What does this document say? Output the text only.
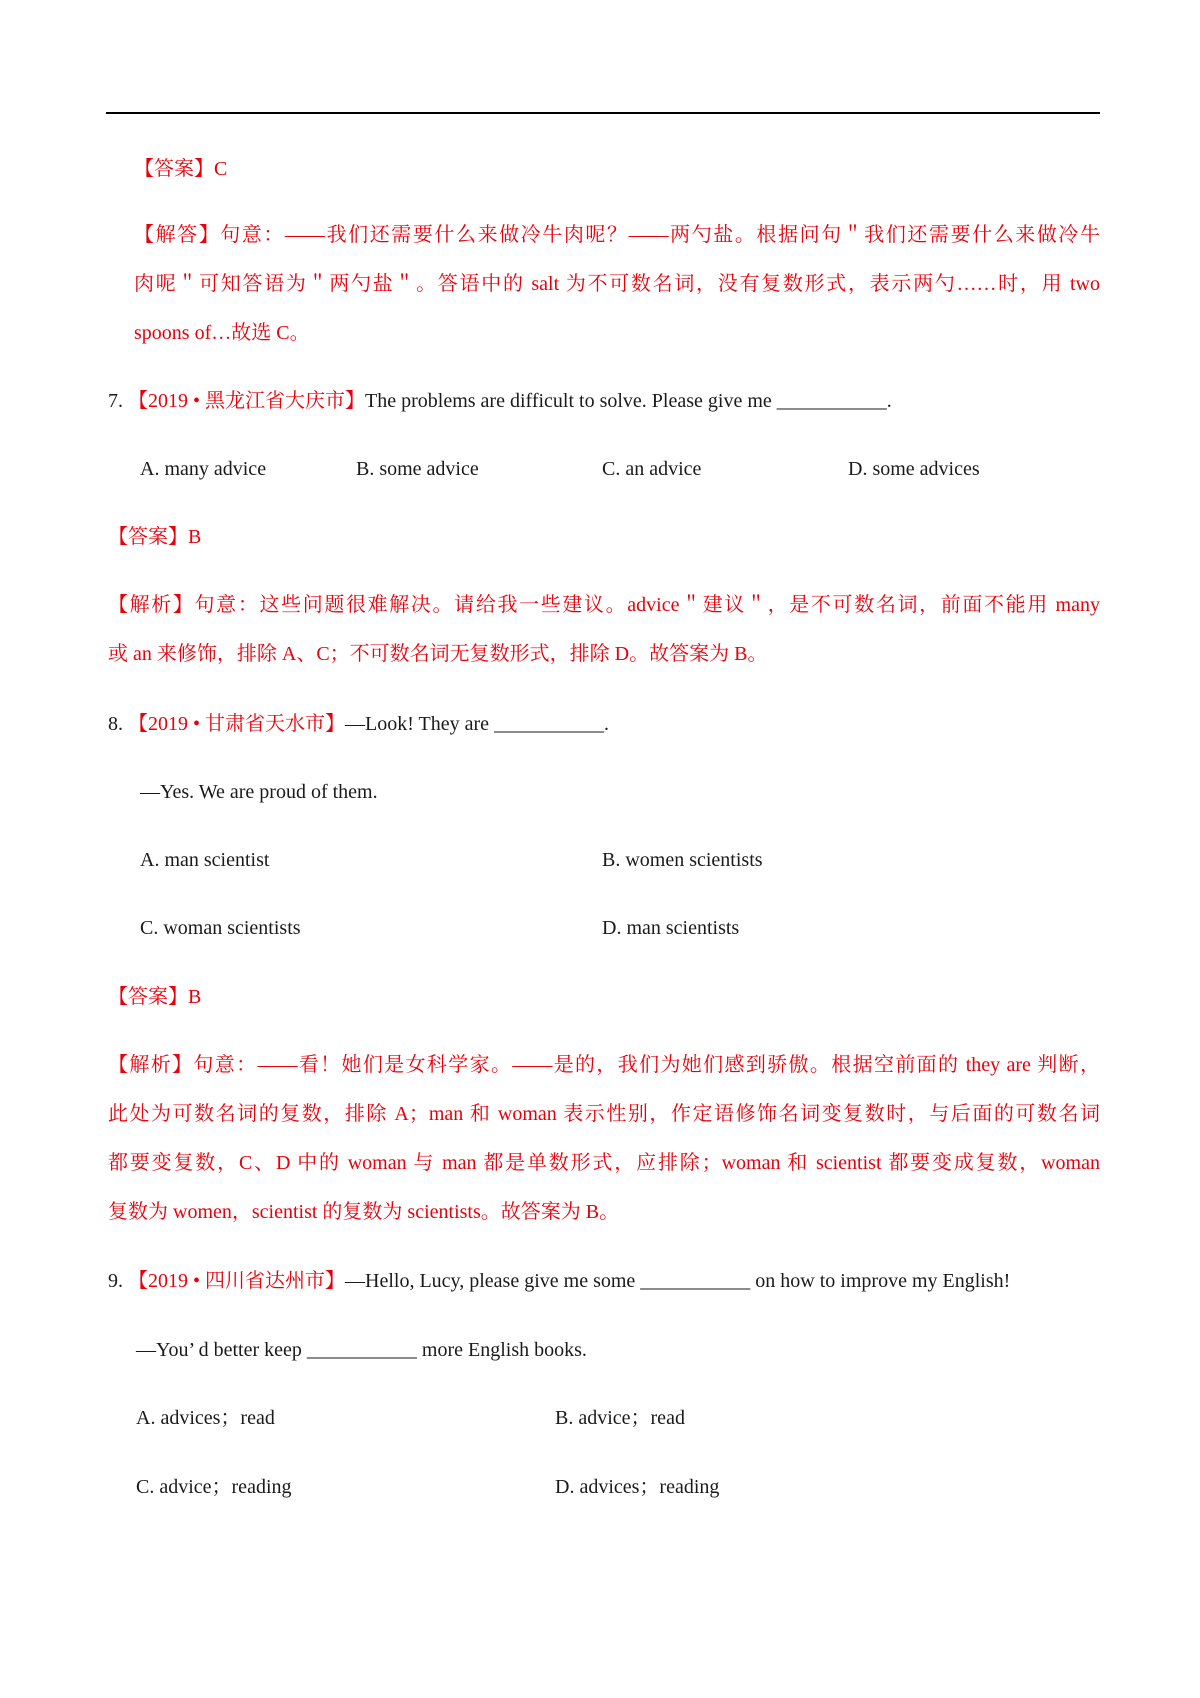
【答案】C
【解答】句意：——我们还需要什么来做冷牛肉呢？——两勺盐。根据问句＂我们还需要什么来做冷牛
肉呢＂可知答语为＂两勺盐＂。答语中的 salt 为不可数名词，没有复数形式，表示两勺……时，用 two
spoons of…故选 C。
7. 【2019 • 黑龙江省大庆市】The problems are difficult to solve. Please give me ___________.
A. many advice	B. some advice	C. an advice	D. some advices
【答案】B
【解析】句意：这些问题很难解决。请给我一些建议。advice＂建议＂，是不可数名词，前面不能用 many
或 an 来修饰，排除 A、C；不可数名词无复数形式，排除 D。故答案为 B。
8. 【2019 • 甘肃省天水市】—Look! They are ___________.
—Yes. We are proud of them.
A. man scientist	B. women scientists
C. woman scientists	D. man scientists
【答案】B
【解析】句意：——看！她们是女科学家。——是的，我们为她们感到骄傲。根据空前面的 they are 判断，
此处为可数名词的复数，排除 A；man 和 woman 表示性别，作定语修饰名词变复数时，与后面的可数名词
都要变复数，C、D 中的 woman 与 man 都是单数形式，应排除；woman 和 scientist 都要变成复数，woman
复数为 women，scientist 的复数为 scientists。故答案为 B。
9. 【2019 • 四川省达州市】—Hello, Lucy, please give me some ___________ on how to improve my English!
—You’ d better keep ___________ more English books.
A. advices；read	B. advice；read
C. advice；reading	D. advices；reading
